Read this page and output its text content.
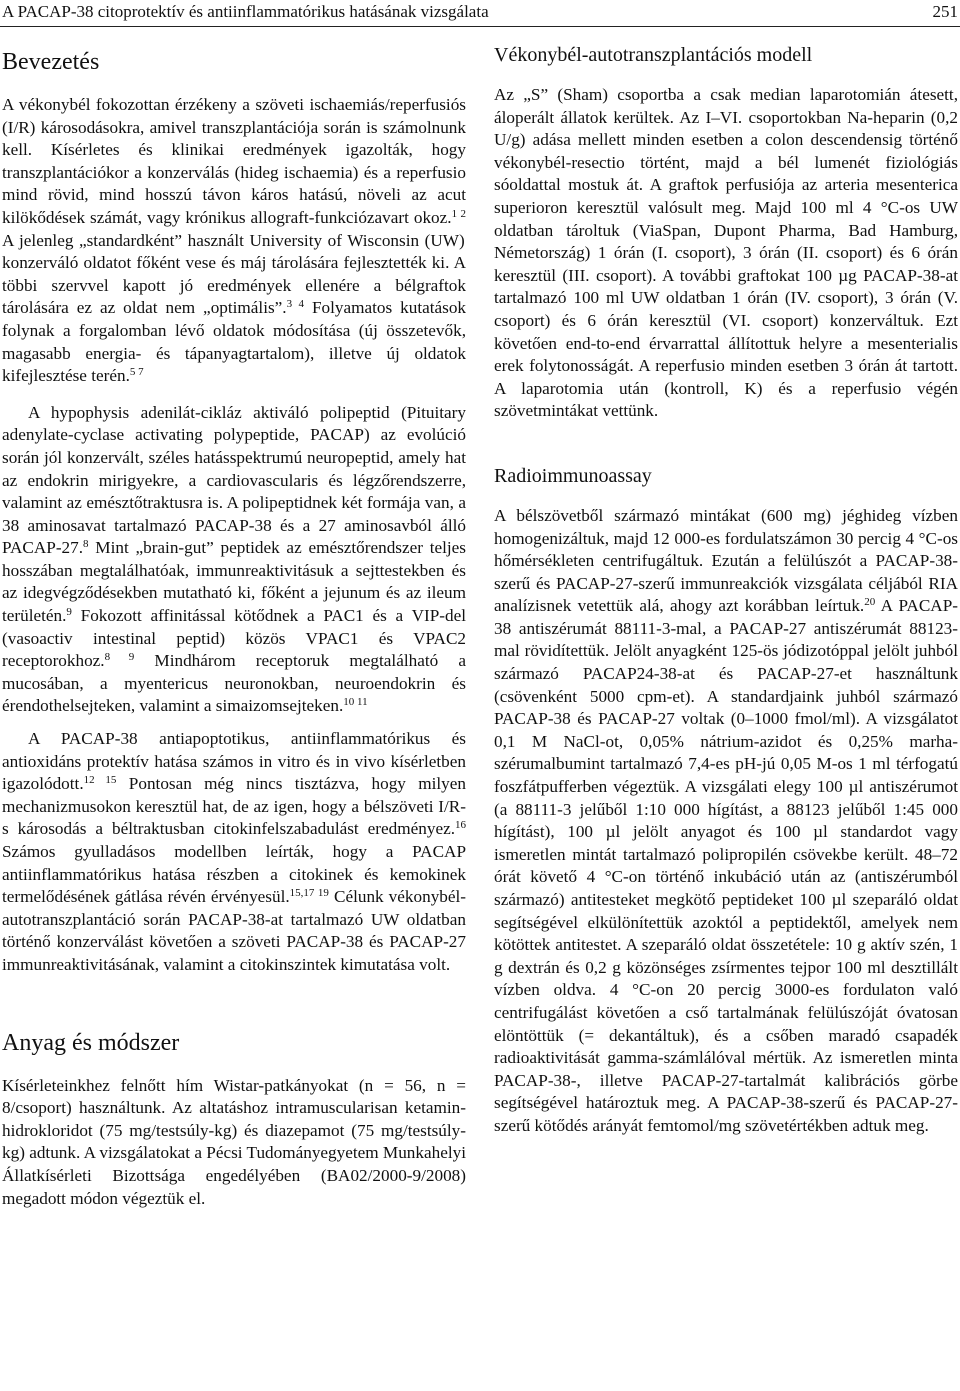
A PACAP-38 citoprotektív és antiinflammatórikus hatásának vizsgálata	251
Bevezetés

A vékonybél fokozottan érzékeny a szöveti ischaemiás/reperfusiós (I/R) károsodásokra, amivel transzplantációja során is számolnunk kell. Kísérletes és klinikai eredmények igazolták, hogy transzplantációkor a konzerválás (hideg ischaemia) és a reperfusio mind rövid, mind hosszú távon káros hatású, növeli az acut kilökődések számát, vagy krónikus allograft-funkciózavart okoz.$^{1 2}$ A jelenleg „standardként” használt University of Wisconsin (UW) konzerváló oldatot főként vese és máj tárolására fejlesztették ki. A többi szervvel kapott jó eredmények ellenére a bélgraftok tárolására ez az oldat nem „optimális”.$^{3 4}$ Folyamatos kutatások folynak a forgalomban lévő oldatok módosítása (új összetevők, magasabb energia- és tápanyagtartalom), illetve új oldatok kifejlesztése terén.$^{5 7}$

A hypophysis adenilát-cikláz aktiváló polipeptid (Pituitary adenylate-cyclase activating polypeptide, PACAP) az evolúció során jól konzervált, széles hatásspektrumú neuropeptid, amely hat az endokrin mirigyekre, a cardiovascularis és légzőrendszerre, valamint az emésztőtraktusra is. A polipeptidnek két formája van, a 38 aminosavat tartalmazó PACAP-38 és a 27 aminosavból álló PACAP-27.$^8$ Mint „brain-gut” peptidek az emésztőrendszer teljes hosszában megtalálhatóak, immunreaktivitásuk a sejttestekben és az idegvégződésekben mutatható ki, főként a jejunum és az ileum területén.$^9$ Fokozott affinitással kötődnek a PAC1 és a VIP-del (vasoactiv intestinal peptid) közös VPAC1 és VPAC2 receptorokhoz.$^{8 9}$ Mindhárom receptoruk megtalálható a mucosában, a myentericus neuronokban, neuroendokrin és érendothelsejteken, valamint a simaizomsejteken.$^{10 11}$

A PACAP-38 antiapoptotikus, antiinflammatórikus és antioxidáns protektív hatása számos in vitro és in vivo kísérletben igazolódott.$^{12 15}$ Pontosan még nincs tisztázva, hogy milyen mechanizmusokon keresztül hat, de az igen, hogy a bélszöveti I/R-s károsodás a béltraktusban citokinfelszabadulást eredményez.$^{16}$ Számos gyulladásos modellben leírták, hogy a PACAP antiinflammatórikus hatása részben a citokinek és kemokinek termelődésének gátlása révén érvényesül.$^{15,17 19}$ Célunk vékonybél-autotranszplantáció során PACAP-38-at tartalmazó UW oldatban történő konzerválást követően a szöveti PACAP-38 és PACAP-27 immunreaktivitásának, valamint a citokinszintek kimutatása volt.

Anyag és módszer

Kísérleteinkhez felnőtt hím Wistar-patkányokat (n = 56, n = 8/csoport) használtunk. Az altatáshoz intramuscularisan ketamin-hidrokloridot (75 mg/testsúly-kg) és diazepamot (75 mg/testsúly-kg) adtunk. A vizsgálatokat a Pécsi Tudományegyetem Munkahelyi Állatkísérleti Bizottsága engedélyében (BA02/2000-9/2008) megadott módon végeztük el.

Vékonybél-autotranszplantációs modell

Az „S” (Sham) csoportba a csak median laparotomián átesett, áloperált állatok kerültek. Az I–VI. csoportokban Na-heparin (0,2 U/g) adása mellett minden esetben a colon descendensig történő vékonybél-resectio történt, majd a bél lumenét fiziológiás sóoldattal mostuk át. A graftok perfusiója az arteria mesenterica superioron keresztül valósult meg. Majd 100 ml 4 °C-os UW oldatban tároltuk (ViaSpan, Dupont Pharma, Bad Hamburg, Németország) 1 órán (I. csoport), 3 órán (II. csoport) és 6 órán keresztül (III. csoport). A további graftokat 100 µg PACAP-38-at tartalmazó 100 ml UW oldatban 1 órán (IV. csoport), 3 órán (V. csoport) és 6 órán keresztül (VI. csoport) konzerváltuk. Ezt követően end-to-end érvarrattal állítottuk helyre a mesenterialis erek folytonosságát. A reperfusio minden esetben 3 órán át tartott. A laparotomia után (kontroll, K) és a reperfusio végén szövetmintákat vettünk.

Radioimmunoassay

A bélszövetből származó mintákat (600 mg) jéghideg vízben homogenizáltuk, majd 12 000-es fordulatszámon 30 percig 4 °C-os hőmérsékleten centrifugáltuk. Ezután a felülúszót a PACAP-38-szerű és PACAP-27-szerű immunreakciók vizsgálata céljából RIA analízisnek vetettük alá, ahogy azt korábban leírtuk.$^{20}$ A PACAP-38 antiszérumát 88111-3-mal, a PACAP-27 antiszérumát 88123-mal rövidítettük. Jelölt anyagként 125-ös jódizotóppal jelölt juhból származó PACAP24-38-at és PACAP-27-et használtunk (csövenként 5000 cpm-et). A standardjaink juhból származó PACAP-38 és PACAP-27 voltak (0–1000 fmol/ml). A vizsgálatot 0,1 M NaCl-ot, 0,05% nátrium-azidot és 0,25% marha-szérumalbumint tartalmazó 7,4-es pH-jú 0,05 M-os 1 ml térfogatú foszfátpufferben végeztük. A vizsgálati elegy 100 µl antiszérumot (a 88111-3 jelűből 1:10 000 hígítást, a 88123 jelűből 1:45 000 hígítást), 100 µl jelölt anyagot és 100 µl standardot vagy ismeretlen mintát tartalmazó polipropilén csövekbe került. 48–72 órát követő 4 °C-on történő inkubáció után az (antiszérumból származó) antitesteket megkötő peptideket 100 µl szeparáló oldat segítségével elkülönítettük azoktól a peptidektől, amelyek nem kötöttek antitestet. A szeparáló oldat összetétele: 10 g aktív szén, 1 g dextrán és 0,2 g közönséges zsírmentes tejpor 100 ml desztillált vízben oldva. 4 °C-on 20 percig 3000-es fordulaton való centrifugálást követően a cső tartalmának felülúszóját óvatosan elöntöttük (= dekantáltuk), és a csőben maradó csapadék radioaktivitását gamma-számlálóval mértük. Az ismeretlen minta PACAP-38-, illetve PACAP-27-tartalmát kalibrációs görbe segítségével határoztuk meg. A PACAP-38-szerű és PACAP-27-szerű kötődés arányát femtomol/mg szövetértékben adtuk meg.
